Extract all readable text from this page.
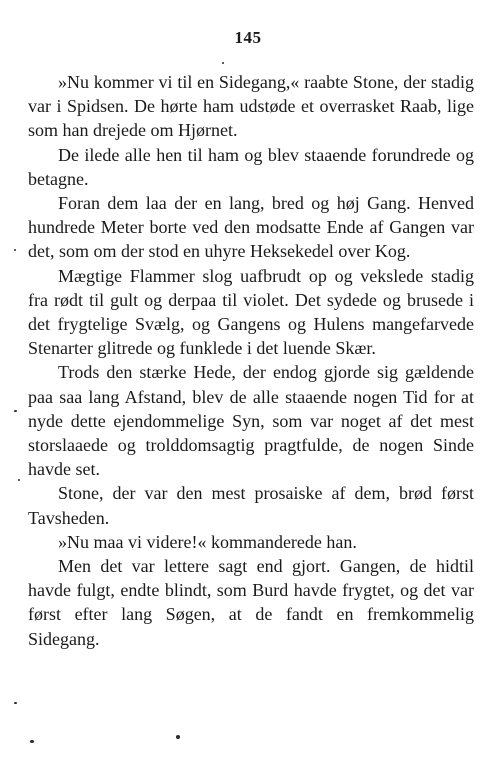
145

»Nu kommer vi til en Sidegang,« raabte Stone, der stadig var i Spidsen. De hørte ham udstøde et overrasket Raab, lige som han drejede om Hjørnet.

De ilede alle hen til ham og blev staaende forundrede og betagne.

Foran dem laa der en lang, bred og høj Gang. Henved hundrede Meter borte ved den modsatte Ende af Gangen var det, som om der stod en uhyre Heksekedel over Kog.

Mægtige Flammer slog uafbrudt op og vekslede stadig fra rødt til gult og derpaa til violet. Det sydede og brusede i det frygtelige Svælg, og Gangens og Hulens mangefarvede Stenarter glitrede og funklede i det luende Skær.

Trods den stærke Hede, der endog gjorde sig gældende paa saa lang Afstand, blev de alle staaende nogen Tid for at nyde dette ejendommelige Syn, som var noget af det mest storslaaede og trolddomsagtig pragtfulde, de nogen Sinde havde set.

Stone, der var den mest prosaiske af dem, brød først Tavsheden.

»Nu maa vi videre!« kommanderede han.

Men det var lettere sagt end gjort. Gangen, de hidtil havde fulgt, endte blindt, som Burd havde frygtet, og det var først efter lang Søgen, at de fandt en fremkommelig Sidegang.
